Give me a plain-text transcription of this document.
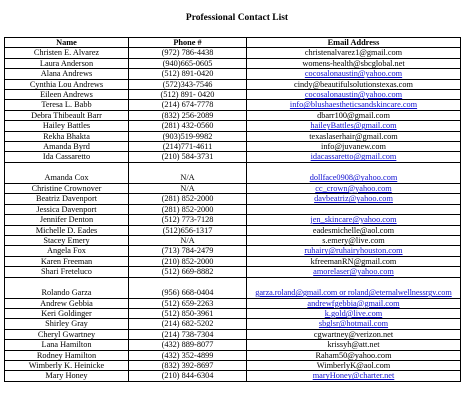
Professional Contact List
Name	Phone #	Email Address
Christen E. Alvarez	(972) 786-4438	christenalvarez1@gmail.com
Laura Anderson	(940)665-0605	womens-health@sbcglobal.net
Alana Andrews	(512) 891-0420	cocosalonaustin@yahoo.com
Cynthia Lou Andrews	(572)343-7546	cindy@beautifulsolutionstexas.com
Eileen Andrews	(512) 891- 0420	cocosalonaustin@yahoo.com
Teresa L. Babb	(214) 674-7778	info@blushaestheticsandskincare.com
Debra Thibeault Barr	(832) 256-2089	dbarr100@gmail.com
Hailey Battles	(281) 432-0560	haileyBattles@gmail.com
Rekha Bhakta	(903)519-9982	texaslaserhair@gmail.com
Amanda Byrd	(214)771-4611	info@juvanew.com
Ida Cassaretto	(210) 584-3731	idacassaretto@gmail.com
Amanda Cox	N/A	dollface0908@yahoo.com
Christine Crownover	N/A	cc_crown@yahoo.com
Beatriz Davenport	(281) 852-2000	davbeatriz@yahoo.com
Jessica Davenport	(281) 852-2000	
Jennifer Denton	(512) 773-7128	jen_skincare@yahoo.com
Michelle D. Eades	(512)656-1317	eadesmichelle@aol.com
Stacey Emery	N/A	s.emery@live.com
Angela Fox	(713) 784-2479	ruhairy@ruhairyhouston.com
Karen Freeman	(210) 852-2000	kfreemanRN@gmail.com
Shari Freteluco	(512) 669-8882	amorelaser@yahoo.com
Rolando Garza	(956) 668-0404	garza.roland@gmail.com or roland@eternalwellnessrgv.com
Andrew Gebbia	(512) 659-2263	andrewfgebbia@gmail.com
Keri Goldinger	(512) 850-3961	k.gold@live.com
Shirley Gray	(214) 682-5202	sbglsr@hotmail.com
Cheryl Gwartney	(214) 738-7304	cgwartney@verizon.net
Lana Hamilton	(432) 889-8077	krissyh@att.net
Rodney Hamilton	(432) 352-4899	Raham50@yahoo.com
Wimberly K. Heinicke	(832) 392-8697	WimberlyK@aol.com
Mary Honey	(210) 844-6304	maryHoney@charter.net
